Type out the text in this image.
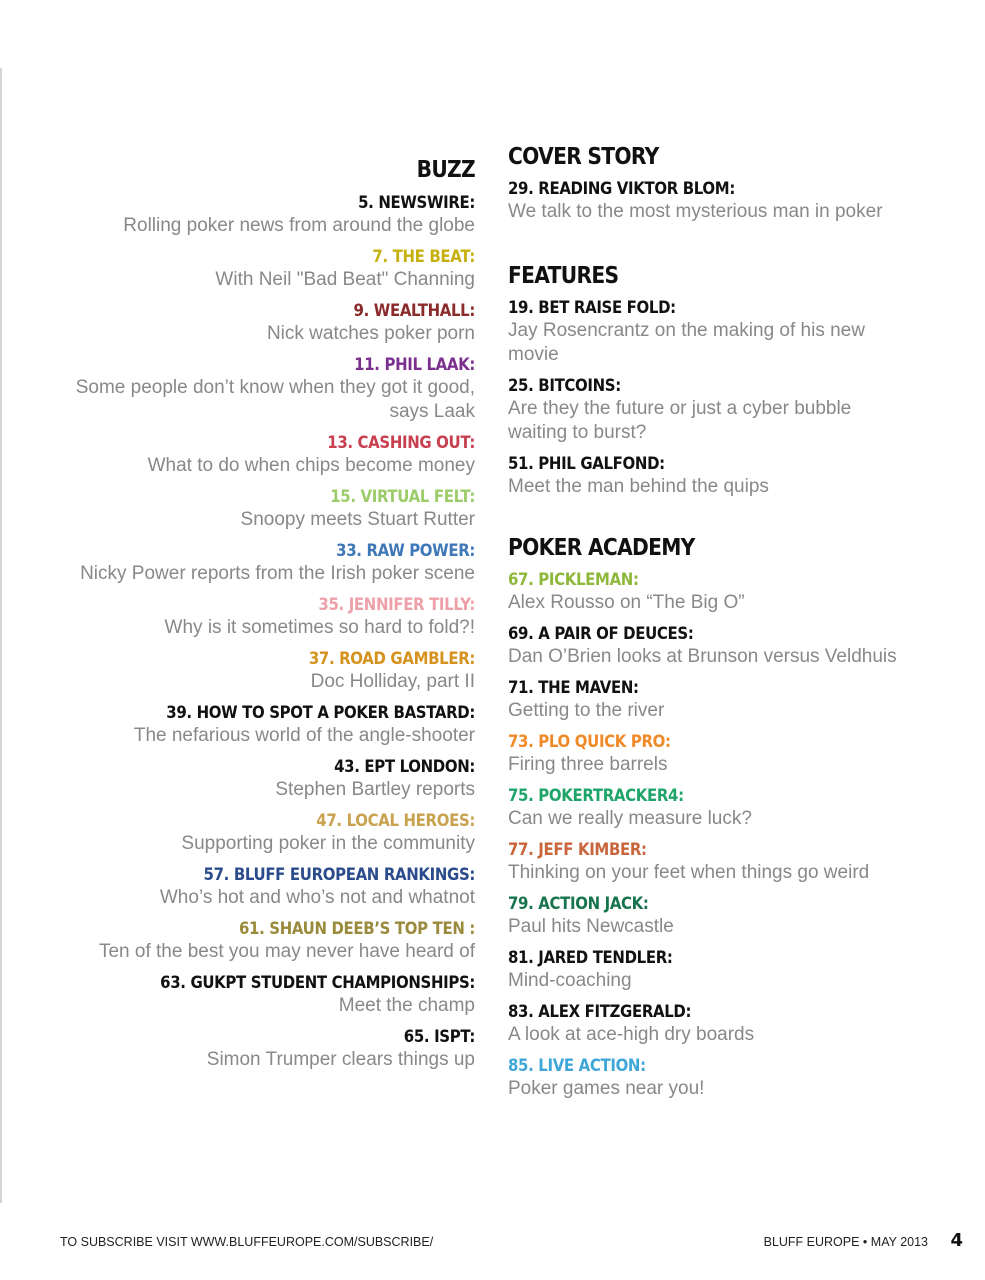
BUZZ
5. NEWSWIRE:
Rolling poker news from around the globe
7. THE BEAT:
With Neil "Bad Beat" Channing
9. WEALTHALL:
Nick watches poker porn
11. PHIL LAAK:
Some people don’t know when they got it good, says Laak
13. CASHING OUT:
What to do when chips become money
15. VIRTUAL FELT:
Snoopy meets Stuart Rutter
33. RAW POWER:
Nicky Power reports from the Irish poker scene
35. JENNIFER TILLY:
Why is it sometimes so hard to fold?!
37. ROAD GAMBLER:
Doc Holliday, part II
39. HOW TO SPOT A POKER BASTARD:
The nefarious world of the angle-shooter
43. EPT LONDON:
Stephen Bartley reports
47. LOCAL HEROES:
Supporting poker in the community
57. BLUFF EUROPEAN RANKINGS:
Who’s hot and who’s not and whatnot
61. SHAUN DEEB’S TOP TEN :
Ten of the best you may never have heard of
63. GUKPT STUDENT CHAMPIONSHIPS:
Meet the champ
65. ISPT:
Simon Trumper clears things up
COVER STORY
29. READING VIKTOR BLOM:
We talk to the most mysterious man in poker
FEATURES
19. BET RAISE FOLD:
Jay Rosencrantz on the making of his new movie
25. BITCOINS:
Are they the future or just a cyber bubble waiting to burst?
51. PHIL GALFOND:
Meet the man behind the quips
POKER ACADEMY
67. PICKLEMAN:
Alex Rousso on “The Big O”
69. A PAIR OF DEUCES:
Dan O’Brien looks at Brunson versus Veldhuis
71. THE MAVEN:
Getting to the river
73. PLO QUICK PRO:
Firing three barrels
75. POKERTRACKER4:
Can we really measure luck?
77. JEFF KIMBER:
Thinking on your feet when things go weird
79. ACTION JACK:
Paul hits Newcastle
81. JARED TENDLER:
Mind-coaching
83. ALEX FITZGERALD:
A look at ace-high dry boards
85. LIVE ACTION:
Poker games near you!
TO SUBSCRIBE VISIT WWW.BLUFFEUROPE.COM/SUBSCRIBE/	BLUFF EUROPE • MAY 2013 4
